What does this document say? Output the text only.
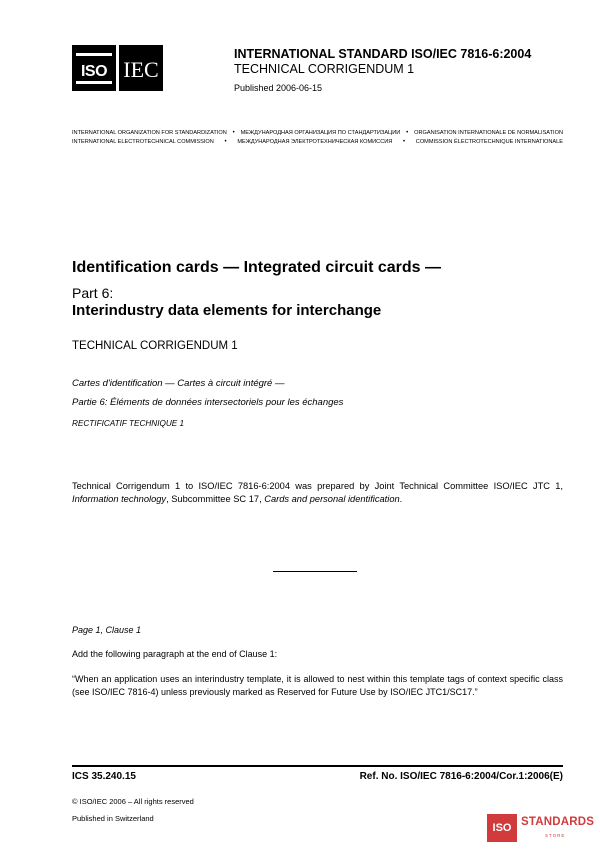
ISO IEC
INTERNATIONAL STANDARD ISO/IEC 7816-6:2004
TECHNICAL CORRIGENDUM 1
Published 2006-06-15
INTERNATIONAL ORGANIZATION FOR STANDARDIZATION • МЕЖДУНАРОДНАЯ ОРГАНИЗАЦИЯ ПО СТАНДАРТИЗАЦИИ • ORGANISATION INTERNATIONALE DE NORMALISATION
INTERNATIONAL ELECTROTECHNICAL COMMISSION • МЕЖДУНАРОДНАЯ ЭЛЕКТРОТЕХНИЧЕСКАЯ КОМИССИЯ • COMMISSION ÉLECTROTECHNIQUE INTERNATIONALE
Identification cards — Integrated circuit cards —
Part 6:
Interindustry data elements for interchange
TECHNICAL CORRIGENDUM 1
Cartes d'identification — Cartes à circuit intégré —
Partie 6: Éléments de données intersectoriels pour les échanges
RECTIFICATIF TECHNIQUE 1
Technical Corrigendum 1 to ISO/IEC 7816-6:2004 was prepared by Joint Technical Committee ISO/IEC JTC 1, Information technology, Subcommittee SC 17, Cards and personal identification.
Page 1, Clause 1
Add the following paragraph at the end of Clause 1:
“When an application uses an interindustry template, it is allowed to nest within this template tags of context specific class (see ISO/IEC 7816-4) unless previously marked as Reserved for Future Use by ISO/IEC JTC1/SC17.”
ICS 35.240.15	Ref. No. ISO/IEC 7816-6:2004/Cor.1:2006(E)
© ISO/IEC 2006 – All rights reserved
Published in Switzerland
ISO STANDARDS
STORE
